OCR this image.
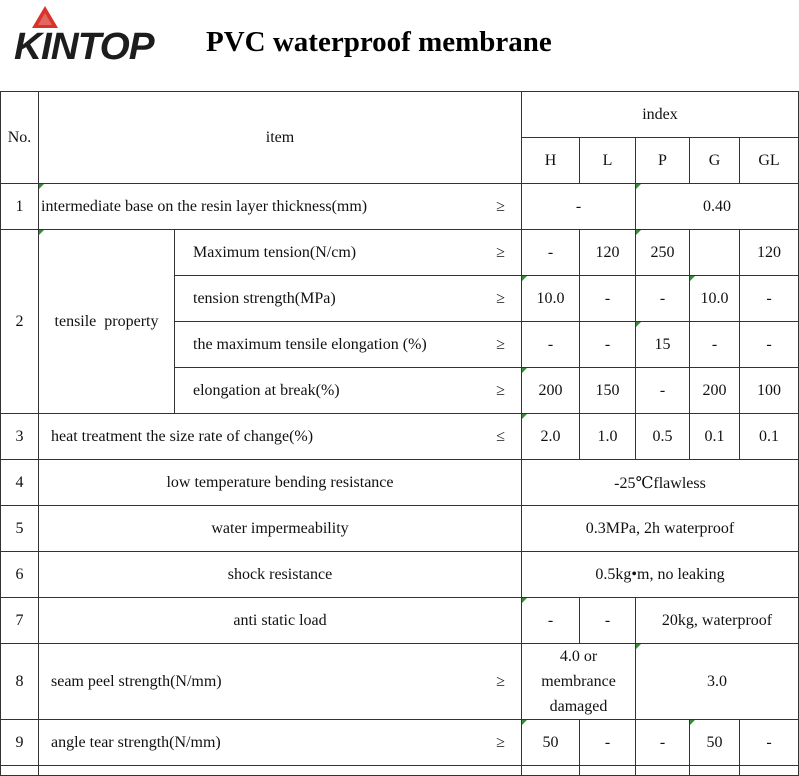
KINTOP PVC waterproof membrane
No.	item		index				
			H	L	P	G	GL
1	intermediate base on the resin layer thickness(mm) ≥		-		0.40		
2	tensile  property	Maximum tension(N/cm) ≥	-	120	250		120
		tension strength(MPa) ≥	10.0	-	-	10.0	-
		the maximum tensile elongation (%) ≥	-	-	15	-	-
		elongation at break(%) ≥	200	150	-	200	100
3	heat treatment the size rate of change(%) ≤		2.0	1.0	0.5	0.1	0.1
4	low temperature bending resistance		-25℃flawless				
5	water impermeability		0.3MPa, 2h waterproof				
6	shock resistance		0.5kg•m, no leaking				
7	anti static load		-	-	20kg, waterproof		
8	seam peel strength(N/mm) ≥		4.0 or membrance damaged		3.0		
9	angle tear strength(N/mm) ≥		50	-	-	50	-
